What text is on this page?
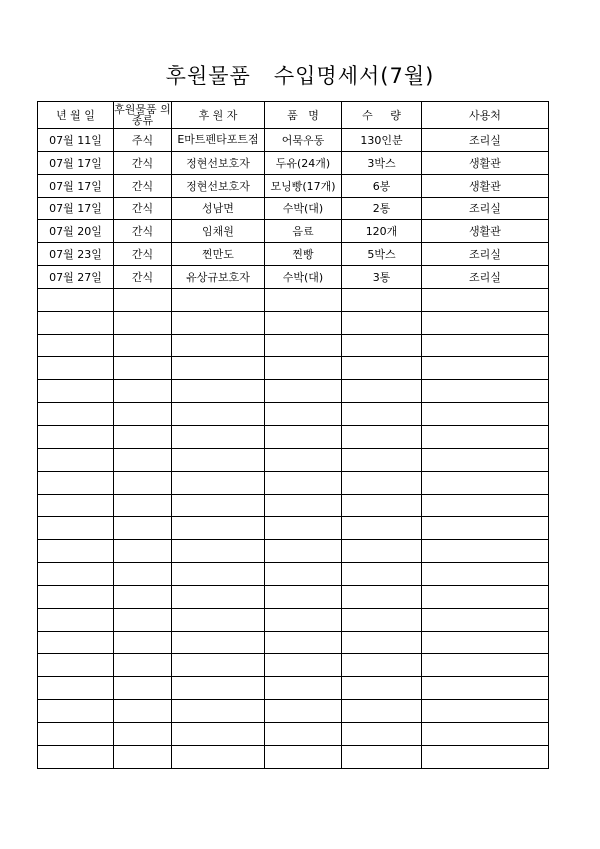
후원물품   수입명세서(7월)
년 월 일	후원물품 의 종류	후 원 자	품   명	수     량	사용처
07월 11일	주식	E마트펜타포트점	어묵우동	130인분	조리실
07월 17일	간식	정현선보호자	두유(24개)	3박스	생활관
07월 17일	간식	정현선보호자	모닝빵(17개)	6봉	생활관
07월 17일	간식	성남면	수박(대)	2통	조리실
07월 20일	간식	임채원	음료	120개	생활관
07월 23일	간식	찐만도	찐빵	5박스	조리실
07월 27일	간식	유상규보호자	수박(대)	3통	조리실
